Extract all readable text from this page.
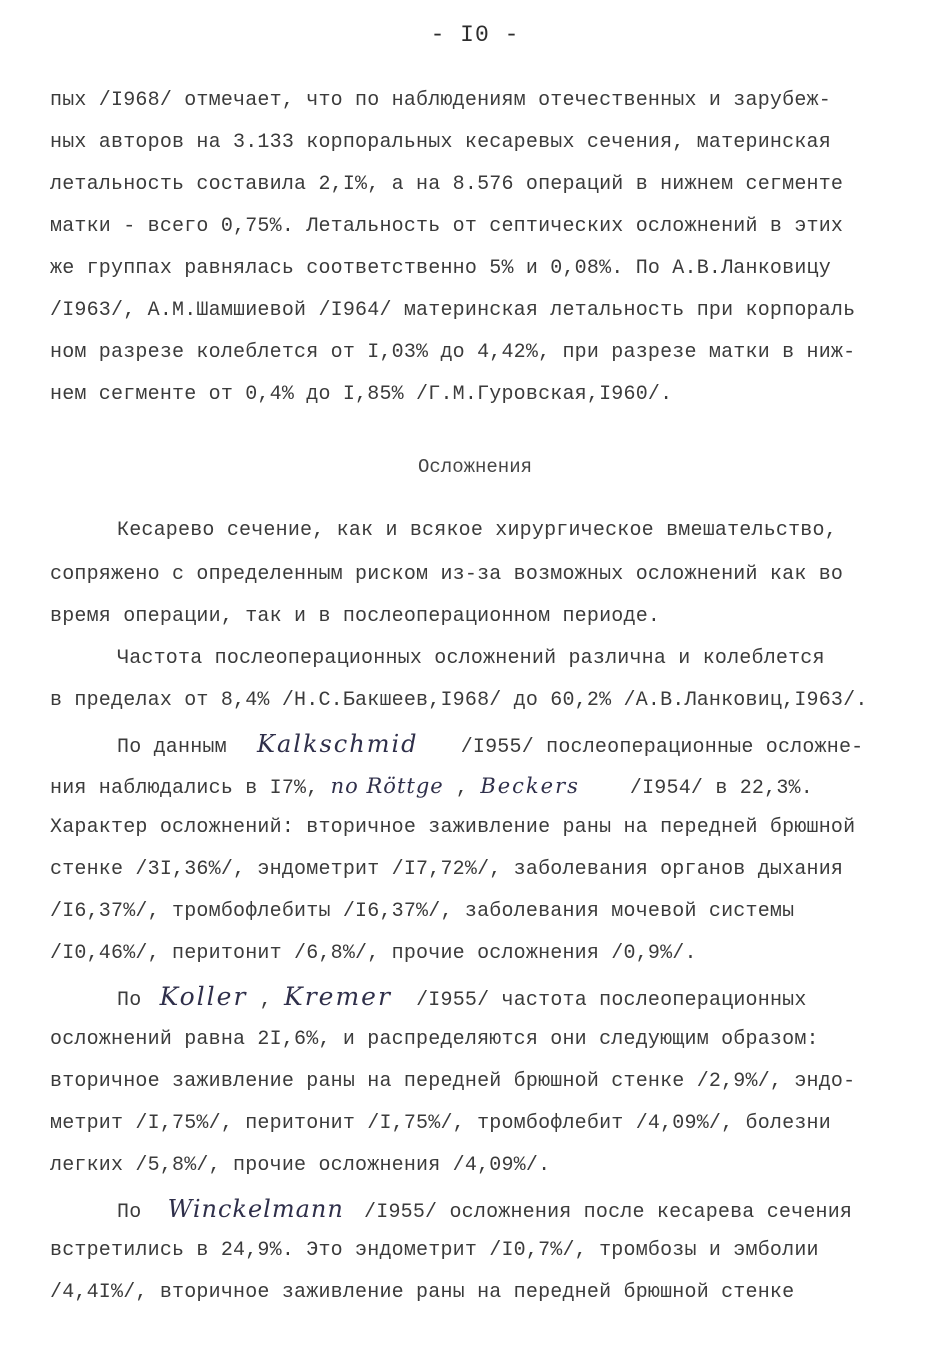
- I0 -
пых /I968/ отмечает, что по наблюдениям отечественных и зарубеж-
ных авторов на 3.133 корпоральных кесаревых сечения, материнская
летальность составила 2,I%, а на 8.576 операций в нижнем сегменте
матки - всего 0,75%. Летальность от септических осложнений в этих
же группах равнялась соответственно 5% и 0,08%. По А.В.Ланковицу
/I963/, А.М.Шамшиевой /I964/ материнская летальность при корпораль
ном разрезе колеблется от I,03% до 4,42%, при разрезе матки в ниж-
нем сегменте от 0,4% до I,85% /Г.М.Гуровская,I960/.
Осложнения
Кесарево сечение, как и всякое хирургическое вмешательство,
сопряжено с определенным риском из-за возможных осложнений как во
время операции, так и в послеоперационном периоде.
Частота послеоперационных осложнений различна и колеблется
в пределах от 8,4% /Н.С.Бакшеев,I968/ до 60,2% /А.В.Ланковиц,I963/.
По данным Kalkschmid /I955/ послеоперационные осложне-
ния наблюдались в I7%, по Röttge , Beckers	/I954/ в 22,3%.
Характер осложнений: вторичное заживление раны на передней брюшной
стенке /3I,36%/, эндометрит /I7,72%/, заболевания органов дыхания
/I6,37%/, тромбофлебиты /I6,37%/, заболевания мочевой системы
/I0,46%/, перитонит /6,8%/, прочие осложнения /0,9%/.
По Koller , Kremer /I955/ частота послеоперационных
осложнений равна 2I,6%, и распределяются они следующим образом:
вторичное заживление раны на передней брюшной стенке /2,9%/, эндо-
метрит /I,75%/, перитонит /I,75%/, тромбофлебит /4,09%/, болезни
легких /5,8%/, прочие осложнения /4,09%/.
По Winckelmann /I955/ осложнения после кесарева сечения
встретились в 24,9%. Это эндометрит /I0,7%/, тромбозы и эмболии
/4,4I%/, вторичное заживление раны на передней брюшной стенке
